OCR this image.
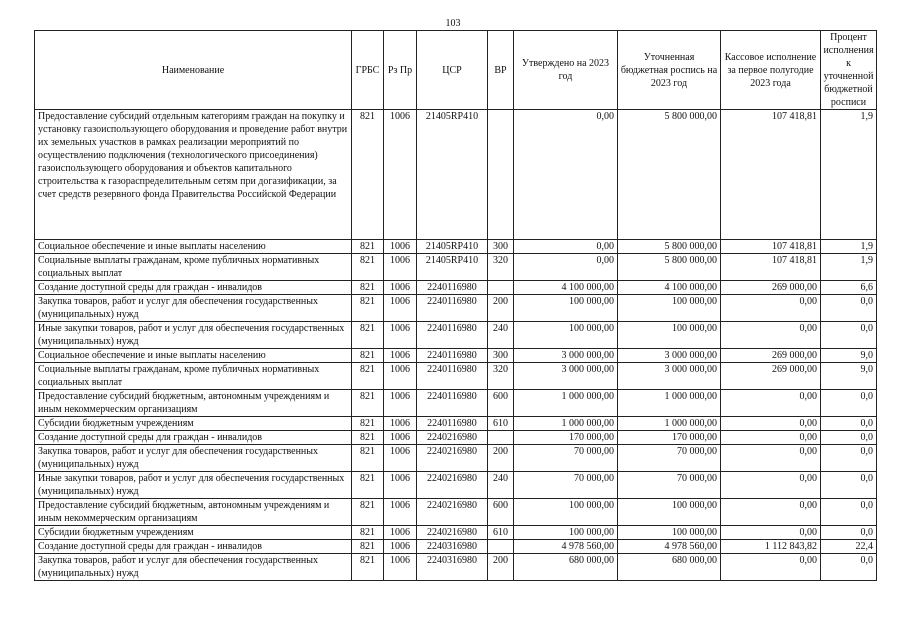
103
Наименование	ГРБС	Рз Пр	ЦСР	ВР	Утверждено на 2023 год	Уточненная бюджетная роспись на 2023 год	Кассовое исполнение за первое полугодие 2023 года	Процент исполнения к уточненной бюджетной росписи
Предоставление субсидий отдельным категориям граждан на покупку и установку газоиспользующего оборудования и проведение работ внутри их земельных участков в рамках реализации мероприятий по осуществлению подключения (технологического присоединения) газоиспользующего оборудования и объектов капитального строительства к газораспределительным сетям при догазификации, за счет средств резервного фонда Правительства Российской Федерации	821	1006	21405RP410		0,00	5 800 000,00	107 418,81	1,9
Социальное обеспечение и иные выплаты населению	821	1006	21405RP410	300	0,00	5 800 000,00	107 418,81	1,9
Социальные выплаты гражданам, кроме публичных нормативных социальных выплат	821	1006	21405RP410	320	0,00	5 800 000,00	107 418,81	1,9
Создание доступной среды для граждан - инвалидов	821	1006	2240116980		4 100 000,00	4 100 000,00	269 000,00	6,6
Закупка товаров, работ и услуг для обеспечения государственных (муниципальных) нужд	821	1006	2240116980	200	100 000,00	100 000,00	0,00	0,0
Иные закупки товаров, работ и услуг для обеспечения государственных (муниципальных) нужд	821	1006	2240116980	240	100 000,00	100 000,00	0,00	0,0
Социальное обеспечение и иные выплаты населению	821	1006	2240116980	300	3 000 000,00	3 000 000,00	269 000,00	9,0
Социальные выплаты гражданам, кроме публичных нормативных социальных выплат	821	1006	2240116980	320	3 000 000,00	3 000 000,00	269 000,00	9,0
Предоставление субсидий бюджетным, автономным учреждениям и иным некоммерческим организациям	821	1006	2240116980	600	1 000 000,00	1 000 000,00	0,00	0,0
Субсидии бюджетным учреждениям	821	1006	2240116980	610	1 000 000,00	1 000 000,00	0,00	0,0
Создание доступной среды для граждан - инвалидов	821	1006	2240216980		170 000,00	170 000,00	0,00	0,0
Закупка товаров, работ и услуг для обеспечения государственных (муниципальных) нужд	821	1006	2240216980	200	70 000,00	70 000,00	0,00	0,0
Иные закупки товаров, работ и услуг для обеспечения государственных (муниципальных) нужд	821	1006	2240216980	240	70 000,00	70 000,00	0,00	0,0
Предоставление субсидий бюджетным, автономным учреждениям и иным некоммерческим организациям	821	1006	2240216980	600	100 000,00	100 000,00	0,00	0,0
Субсидии бюджетным учреждениям	821	1006	2240216980	610	100 000,00	100 000,00	0,00	0,0
Создание доступной среды для граждан - инвалидов	821	1006	2240316980		4 978 560,00	4 978 560,00	1 112 843,82	22,4
Закупка товаров, работ и услуг для обеспечения государственных (муниципальных) нужд	821	1006	2240316980	200	680 000,00	680 000,00	0,00	0,0
